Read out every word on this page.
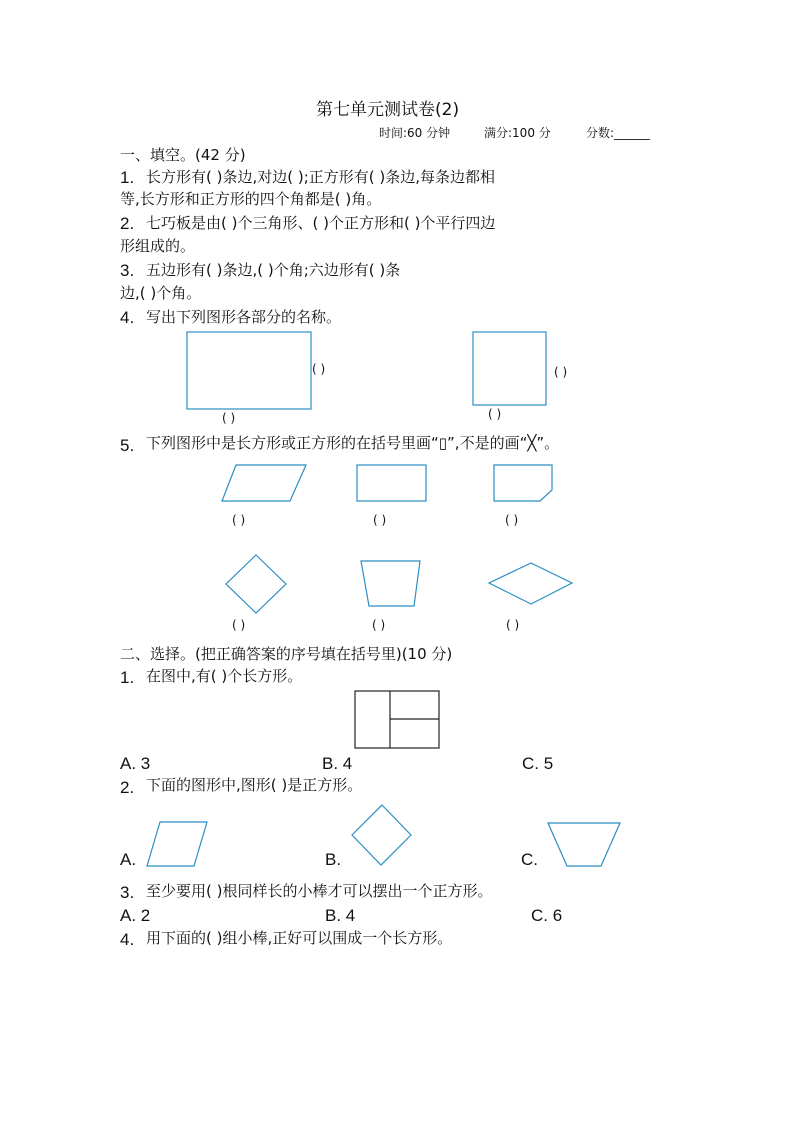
第七单元测试卷(2)
时间:60 分钟	满分:100 分	分数:______
一、填空。(42 分)
1. 长方形有( )条边,对边( );正方形有( )条边,每条边都相
等,长方形和正方形的四个角都是( )角。
2. 七巧板是由( )个三角形、( )个正方形和( )个平行四边
形组成的。
3. 五边形有( )条边,( )个角;六边形有( )条
边,( )个角。
4. 写出下列图形各部分的名称。
( )
( )
( )
( )
5. 下列图形中是长方形或正方形的在括号里画“▯”,不是的画“╳”。
( )	( )	( )
( )	( )	( )
二、选择。(把正确答案的序号填在括号里)(10 分)
1. 在图中,有( )个长方形。
A. 3	B. 4	C. 5
2. 下面的图形中,图形( )是正方形。
A.	B.	C.
3. 至少要用( )根同样长的小棒才可以摆出一个正方形。
A. 2	B. 4	C. 6
4. 用下面的( )组小棒,正好可以围成一个长方形。
